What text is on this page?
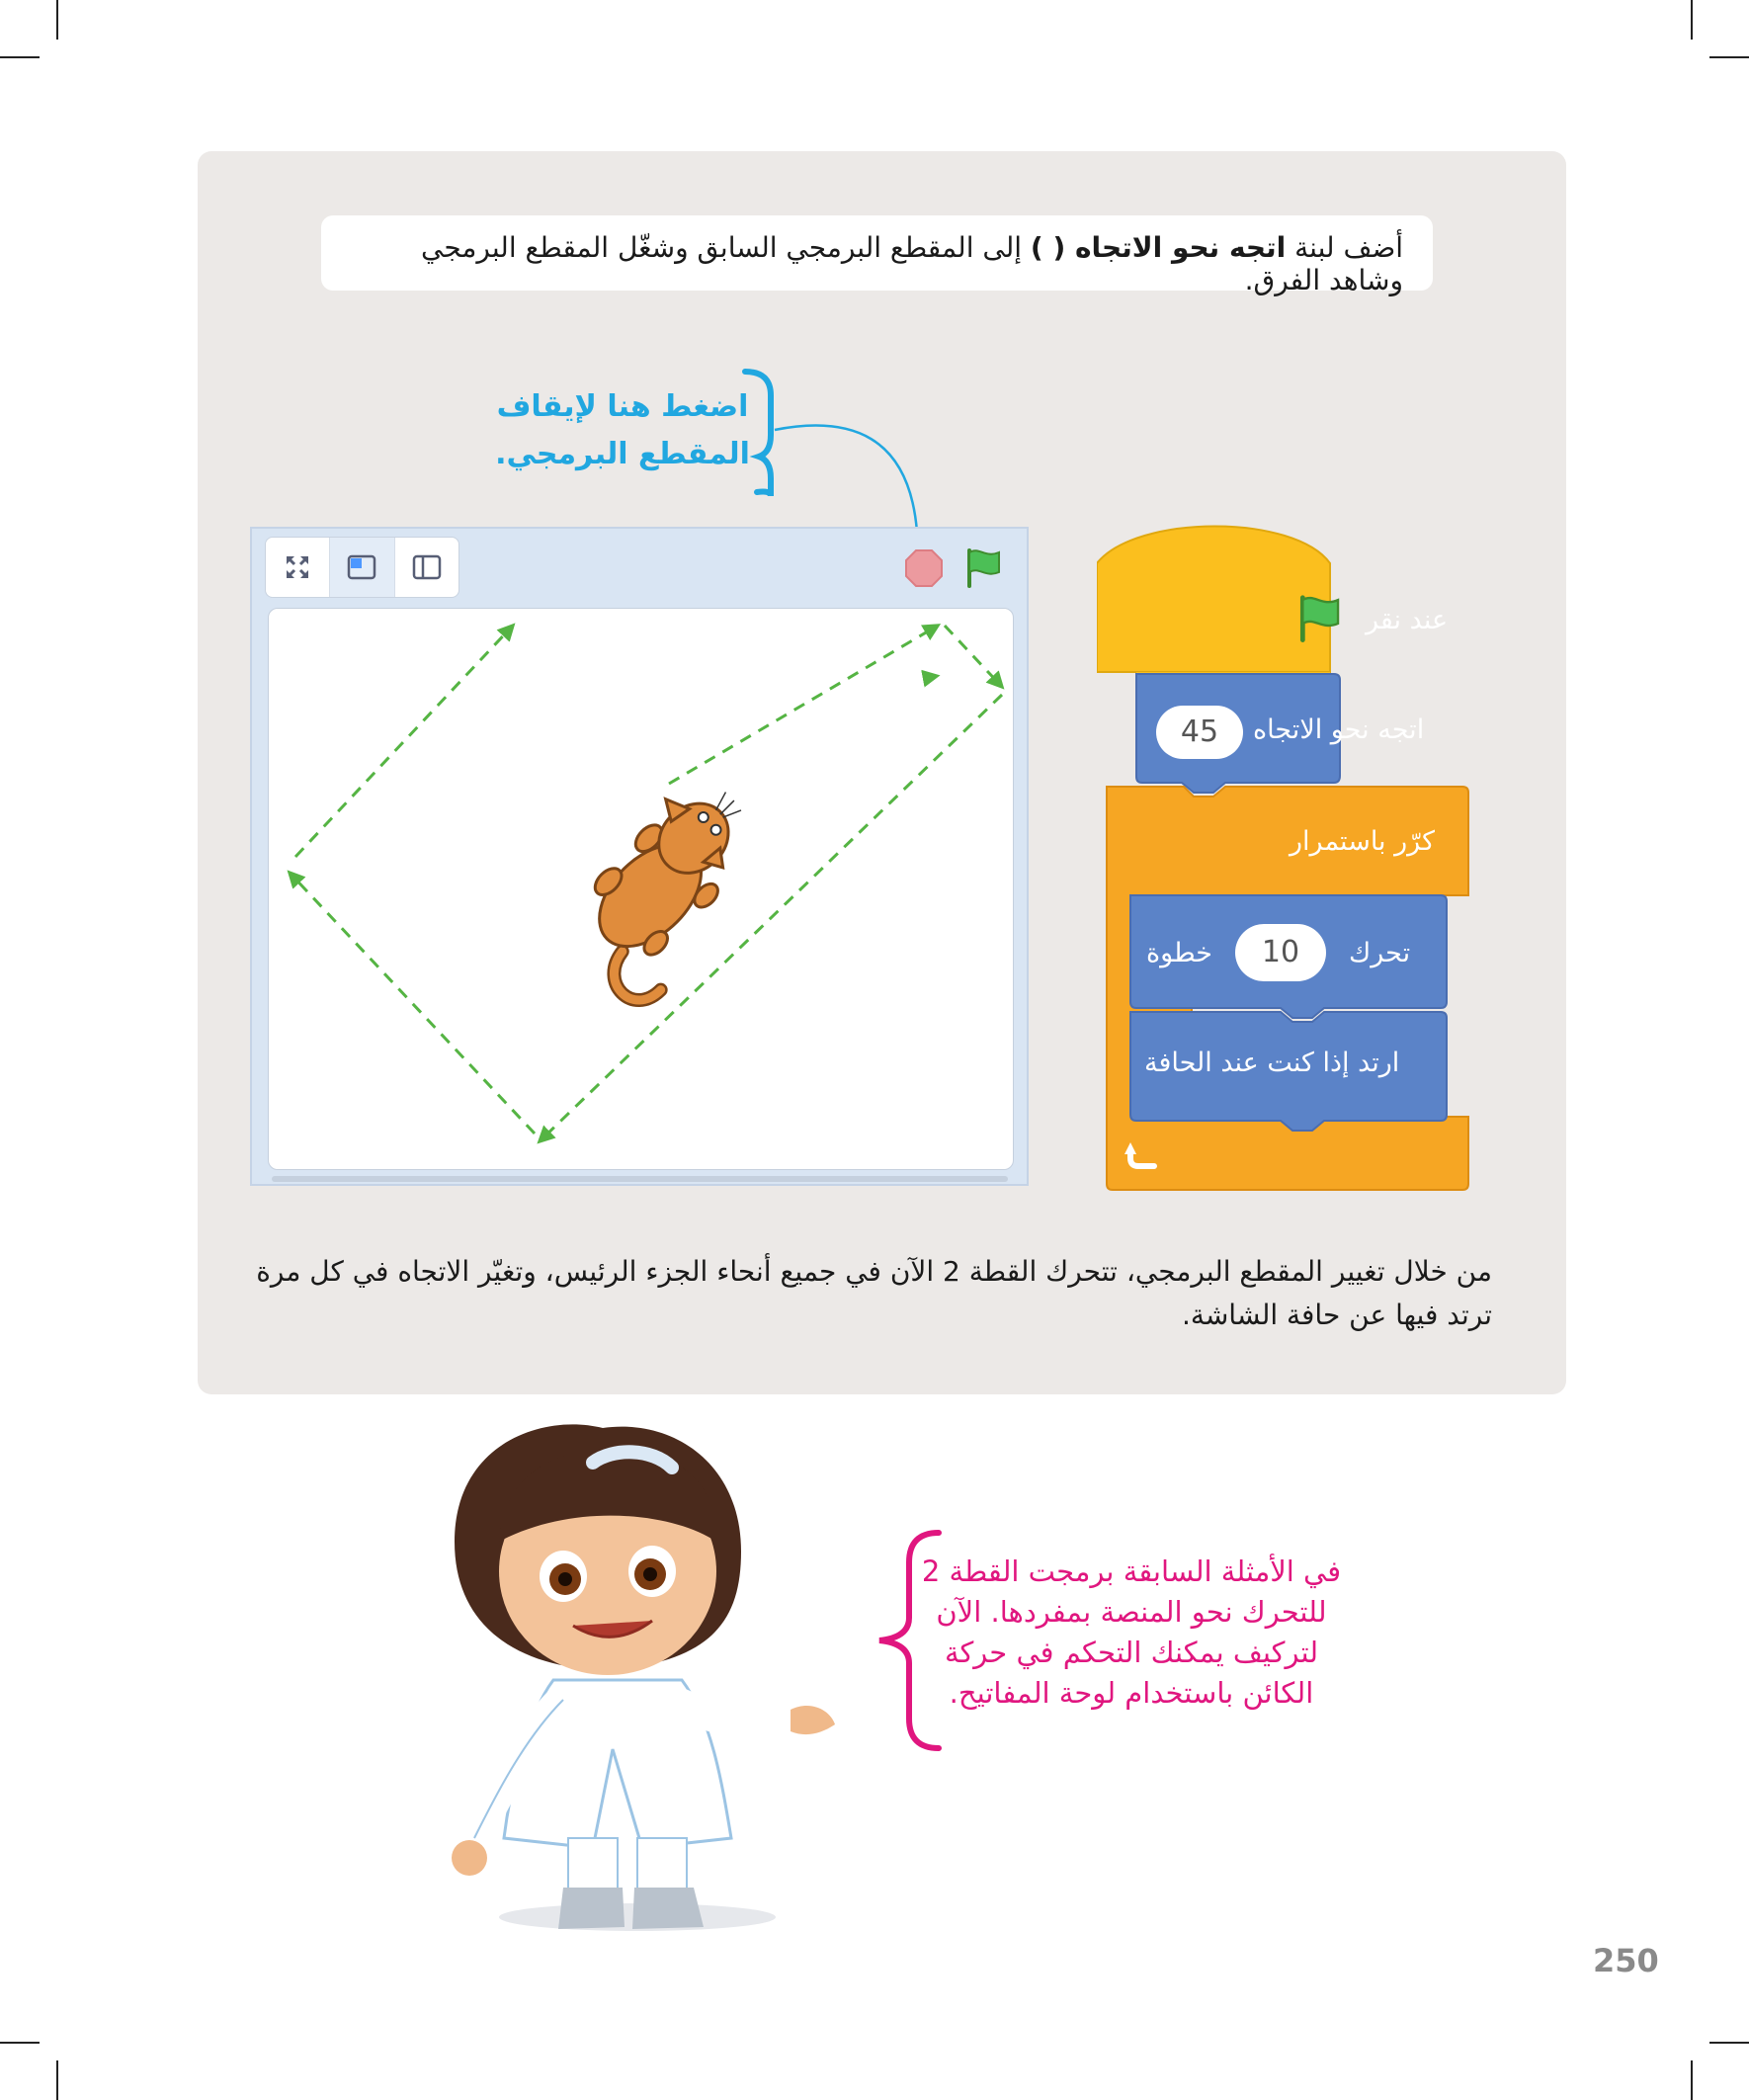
أضف لبنة اتجه نحو الاتجاه ( ) إلى المقطع البرمجي السابق وشغّل المقطع البرمجي وشاهد الفرق.
اضغط هنا لإيقاف
المقطع البرمجي.
عند نقر
اتجه نحو الاتجاه
45
كرّر باستمرار
تحرك
10
خطوة
ارتد إذا كنت عند الحافة
من خلال تغيير المقطع البرمجي، تتحرك القطة 2 الآن في جميع أنحاء الجزء الرئيس، وتغيّر الاتجاه في كل مرة ترتد فيها عن حافة الشاشة.
في الأمثلة السابقة برمجت القطة 2
للتحرك نحو المنصة بمفردها. الآن
لتركيف يمكنك التحكم في حركة
الكائن باستخدام لوحة المفاتيح.
250
